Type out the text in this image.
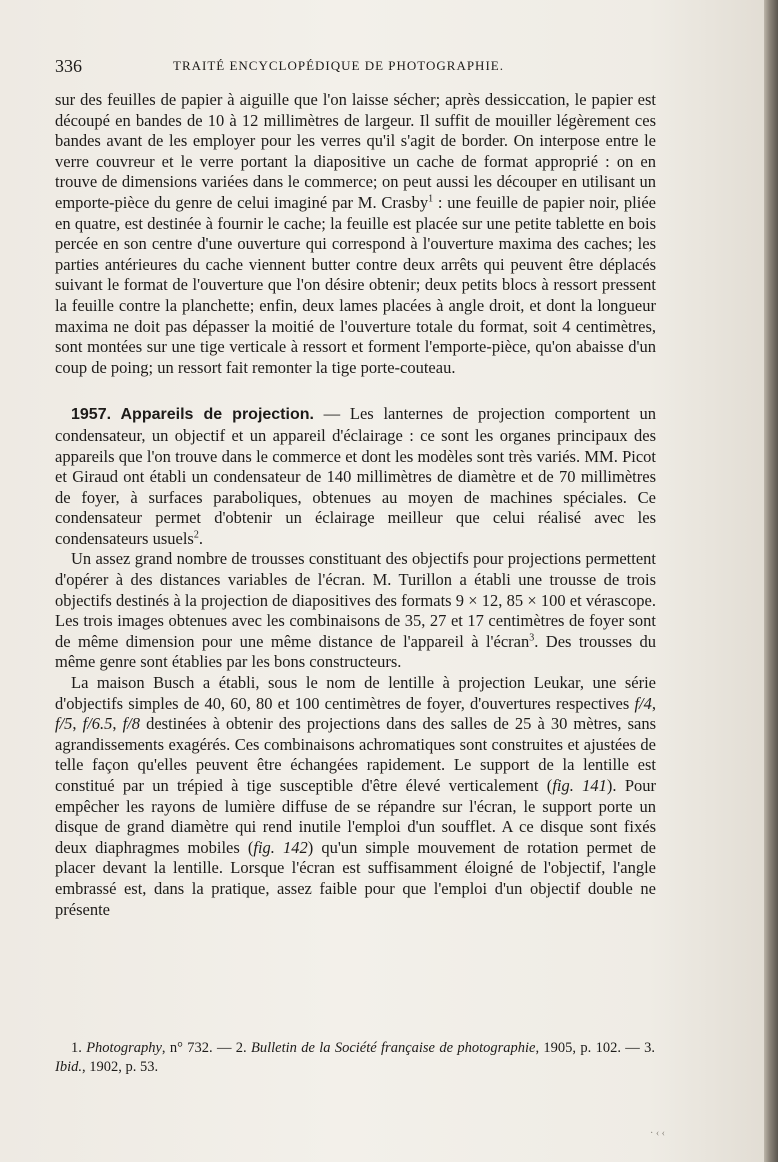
336	TRAITÉ ENCYCLOPÉDIQUE DE PHOTOGRAPHIE.

sur des feuilles de papier à aiguille que l'on laisse sécher; après dessiccation, le papier est découpé en bandes de 10 à 12 millimètres de largeur. Il suffit de mouiller légèrement ces bandes avant de les employer pour les verres qu'il s'agit de border. On interpose entre le verre couvreur et le verre portant la diapositive un cache de format approprié : on en trouve de dimensions variées dans le commerce; on peut aussi les découper en utilisant un emporte-pièce du genre de celui imaginé par M. Crasby$^1$ : une feuille de papier noir, pliée en quatre, est destinée à fournir le cache; la feuille est placée sur une petite tablette en bois percée en son centre d'une ouverture qui correspond à l'ouverture maxima des caches; les parties antérieures du cache viennent butter contre deux arrêts qui peuvent être déplacés suivant le format de l'ouverture que l'on désire obtenir; deux petits blocs à ressort pressent la feuille contre la planchette; enfin, deux lames placées à angle droit, et dont la longueur maxima ne doit pas dépasser la moitié de l'ouverture totale du format, soit 4 centimètres, sont montées sur une tige verticale à ressort et forment l'emporte-pièce, qu'on abaisse d'un coup de poing; un ressort fait remonter la tige porte-couteau.

1957. Appareils de projection. — Les lanternes de projection comportent un condensateur, un objectif et un appareil d'éclairage : ce sont les organes principaux des appareils que l'on trouve dans le commerce et dont les modèles sont très variés. MM. Picot et Giraud ont établi un condensateur de 140 millimètres de diamètre et de 70 millimètres de foyer, à surfaces paraboliques, obtenues au moyen de machines spéciales. Ce condensateur permet d'obtenir un éclairage meilleur que celui réalisé avec les condensateurs usuels$^2$.

Un assez grand nombre de trousses constituant des objectifs pour projections permettent d'opérer à des distances variables de l'écran. M. Turillon a établi une trousse de trois objectifs destinés à la projection de diapositives des formats 9 × 12, 85 × 100 et vérascope. Les trois images obtenues avec les combinaisons de 35, 27 et 17 centimètres de foyer sont de même dimension pour une même distance de l'appareil à l'écran$^3$. Des trousses du même genre sont établies par les bons constructeurs.

La maison Busch a établi, sous le nom de lentille à projection Leukar, une série d'objectifs simples de 40, 60, 80 et 100 centimètres de foyer, d'ouvertures respectives f/4, f/5, f/6.5, f/8 destinées à obtenir des projections dans des salles de 25 à 30 mètres, sans agrandissements exagérés. Ces combinaisons achromatiques sont construites et ajustées de telle façon qu'elles peuvent être échangées rapidement. Le support de la lentille est constitué par un trépied à tige susceptible d'être élevé verticalement (fig. 141). Pour empêcher les rayons de lumière diffuse de se répandre sur l'écran, le support porte un disque de grand diamètre qui rend inutile l'emploi d'un soufflet. A ce disque sont fixés deux diaphragmes mobiles (fig. 142) qu'un simple mouvement de rotation permet de placer devant la lentille. Lorsque l'écran est suffisamment éloigné de l'objectif, l'angle embrassé est, dans la pratique, assez faible pour que l'emploi d'un objectif double ne présente

1. Photography, n° 732. — 2. Bulletin de la Société française de photographie, 1905, p. 102. — 3. Ibid., 1902, p. 53.

· ‹ ‹
